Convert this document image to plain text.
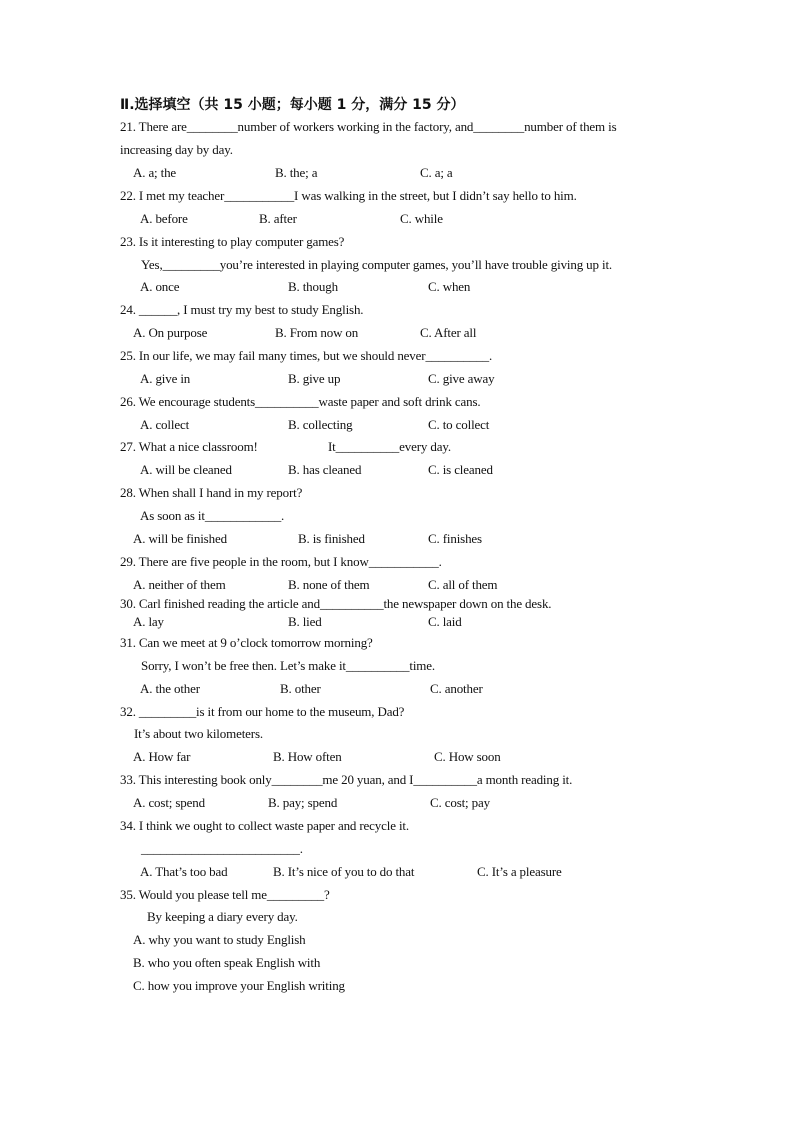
Ⅱ.选择填空（共 15 小题；每小题 1 分，满分 15 分）
21. There are________number of workers working in the factory, and________number of them is
increasing day by day.
A. a; the	B. the; a	C. a; a
22. I met my teacher___________I was walking in the street, but I didn’t say hello to him.
A. before	B. after	C. while
23. Is it interesting to play computer games?
Yes,_________you’re interested in playing computer games, you’ll have trouble giving up it.
A. once	B. though	C. when
24. ______, I must try my best to study English.
A. On purpose	B. From now on	C. After all
25. In our life, we may fail many times, but we should never__________.
A. give in	B. give up	C. give away
26. We encourage students__________waste paper and soft drink cans.
A. collect	B. collecting	C. to collect
27. What a nice classroom!	It__________every day.
A. will be cleaned	B. has cleaned	C. is cleaned
28. When shall I hand in my report?
As soon as it____________.
A. will be finished	B. is finished	C. finishes
29. There are five people in the room, but I know___________.
A. neither of them	B. none of them	C. all of them
30. Carl finished reading the article and__________the newspaper down on the desk.
A. lay	B. lied	C. laid
31. Can we meet at 9 o’clock tomorrow morning?
Sorry, I won’t be free then. Let’s make it__________time.
A. the other	B. other	C. another
32. _________is it from our home to the museum, Dad?
It’s about two kilometers.
A. How far	B. How often	C. How soon
33. This interesting book only________me 20 yuan, and I__________a month reading it.
A. cost; spend	B. pay; spend	C. cost; pay
34. I think we ought to collect waste paper and recycle it.
_________________________.
A. That’s too bad	B. It’s nice of you to do that	C. It’s a pleasure
35. Would you please tell me_________?
By keeping a diary every day.
A. why you want to study English
B. who you often speak English with
C. how you improve your English writing
